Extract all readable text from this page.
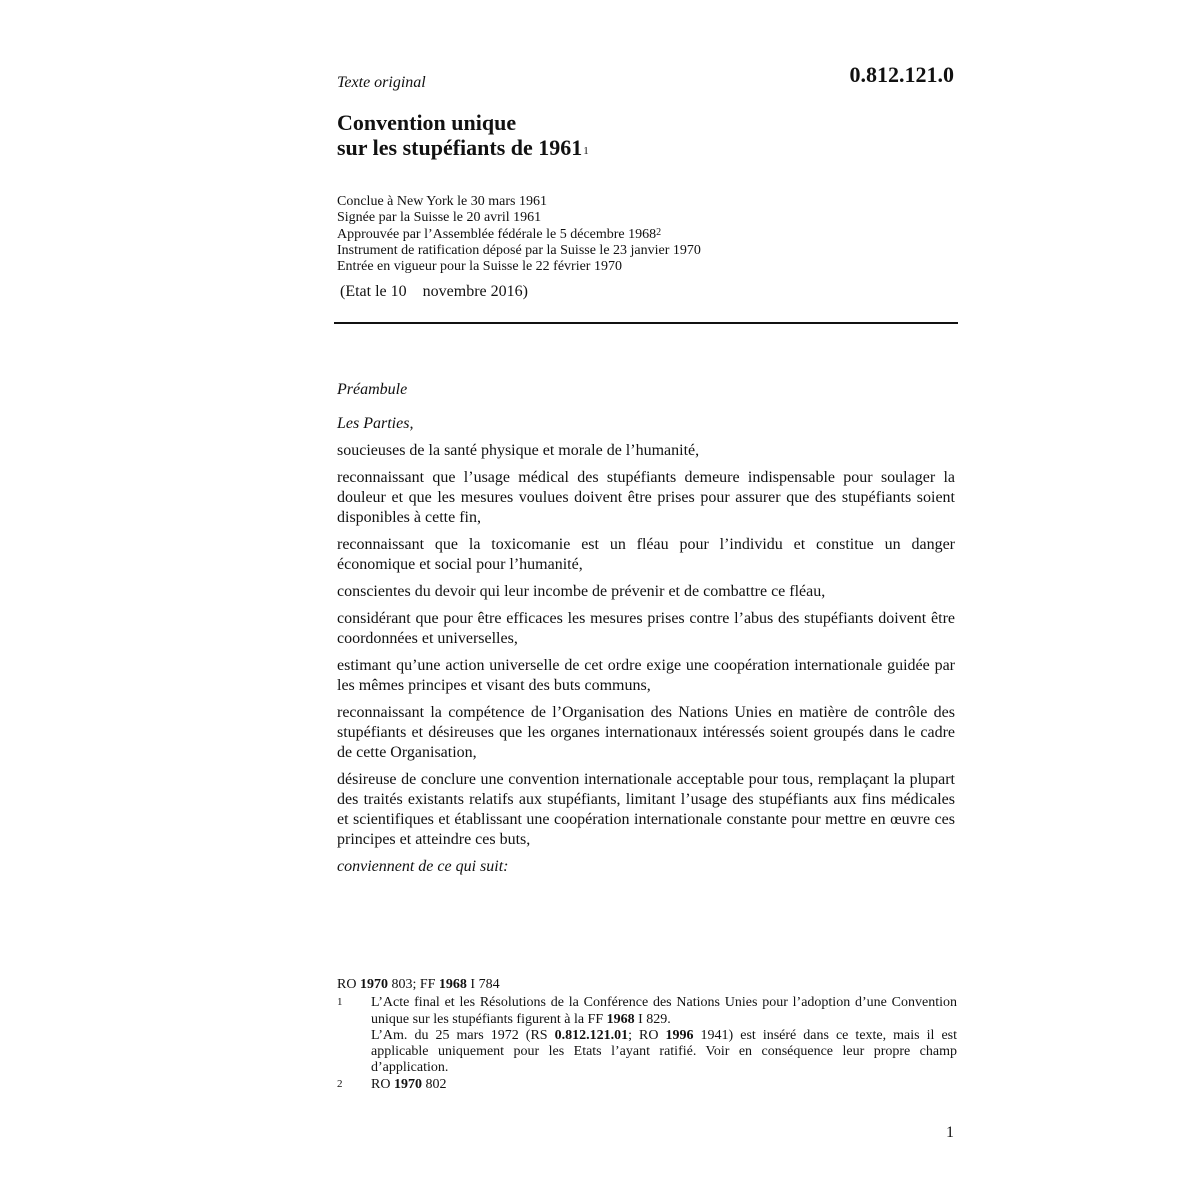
Texte original	0.812.121.0
Convention unique
sur les stupéfiants de 1961$^1$
Conclue à New York le 30 mars 1961
Signée par la Suisse le 20 avril 1961
Approuvée par l’Assemblée fédérale le 5 décembre 1968$^2$
Instrument de ratification déposé par la Suisse le 23 janvier 1970
Entrée en vigueur pour la Suisse le 22 février 1970
(Etat le 10    novembre 2016)

Préambule

Les Parties,

soucieuses de la santé physique et morale de l’humanité,

reconnaissant que l’usage médical des stupéfiants demeure indispensable pour soulager la douleur et que les mesures voulues doivent être prises pour assurer que des stupéfiants soient disponibles à cette fin,

reconnaissant que la toxicomanie est un fléau pour l’individu et constitue un danger économique et social pour l’humanité,

conscientes du devoir qui leur incombe de prévenir et de combattre ce fléau,

considérant que pour être efficaces les mesures prises contre l’abus des stupéfiants doivent être coordonnées et universelles,

estimant qu’une action universelle de cet ordre exige une coopération internationale guidée par les mêmes principes et visant des buts communs,

reconnaissant la compétence de l’Organisation des Nations Unies en matière de contrôle des stupéfiants et désireuses que les organes internationaux intéressés soient groupés dans le cadre de cette Organisation,

désireuse de conclure une convention internationale acceptable pour tous, remplaçant la plupart des traités existants relatifs aux stupéfiants, limitant l’usage des stupéfiants aux fins médicales et scientifiques et établissant une coopération internationale constante pour mettre en œuvre ces principes et atteindre ces buts,

conviennent de ce qui suit:

RO 1970 803; FF 1968 I 784
1	L’Acte final et les Résolutions de la Conférence des Nations Unies pour l’adoption d’une Convention unique sur les stupéfiants figurent à la FF 1968 I 829.
L’Am. du 25 mars 1972 (RS 0.812.121.01; RO 1996 1941) est inséré dans ce texte, mais il est applicable uniquement pour les Etats l’ayant ratifié. Voir en conséquence leur propre champ d’application.
2	RO 1970 802
1
